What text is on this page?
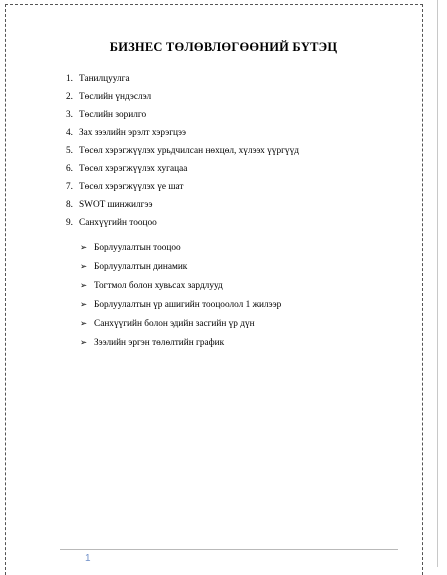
БИЗНЕС ТӨЛӨВЛӨГӨӨНИЙ БҮТЭЦ
1. Танилцуулга
2. Төслийн үндэслэл
3. Төслийн зорилго
4. Зах зээлийн эрэлт хэрэгцээ
5. Төсөл хэрэгжүүлэх урьдчилсан нөхцөл, хүлээх үүргүүд
6. Төсөл хэрэгжүүлэх хугацаа
7. Төсөл хэрэгжүүлэх үе шат
8. SWOT шинжилгээ
9. Санхүүгийн тооцоо
➢ Борлуулалтын тооцоо
➢ Борлуулалтын динамик
➢ Тогтмол болон хувьсах зардлууд
➢ Борлуулалтын үр ашигийн тооцоолол 1 жилээр
➢ Санхүүгийн болон эдийн засгийн үр дүн
➢ Зээлийн эргэн төлөлтийн график
1
